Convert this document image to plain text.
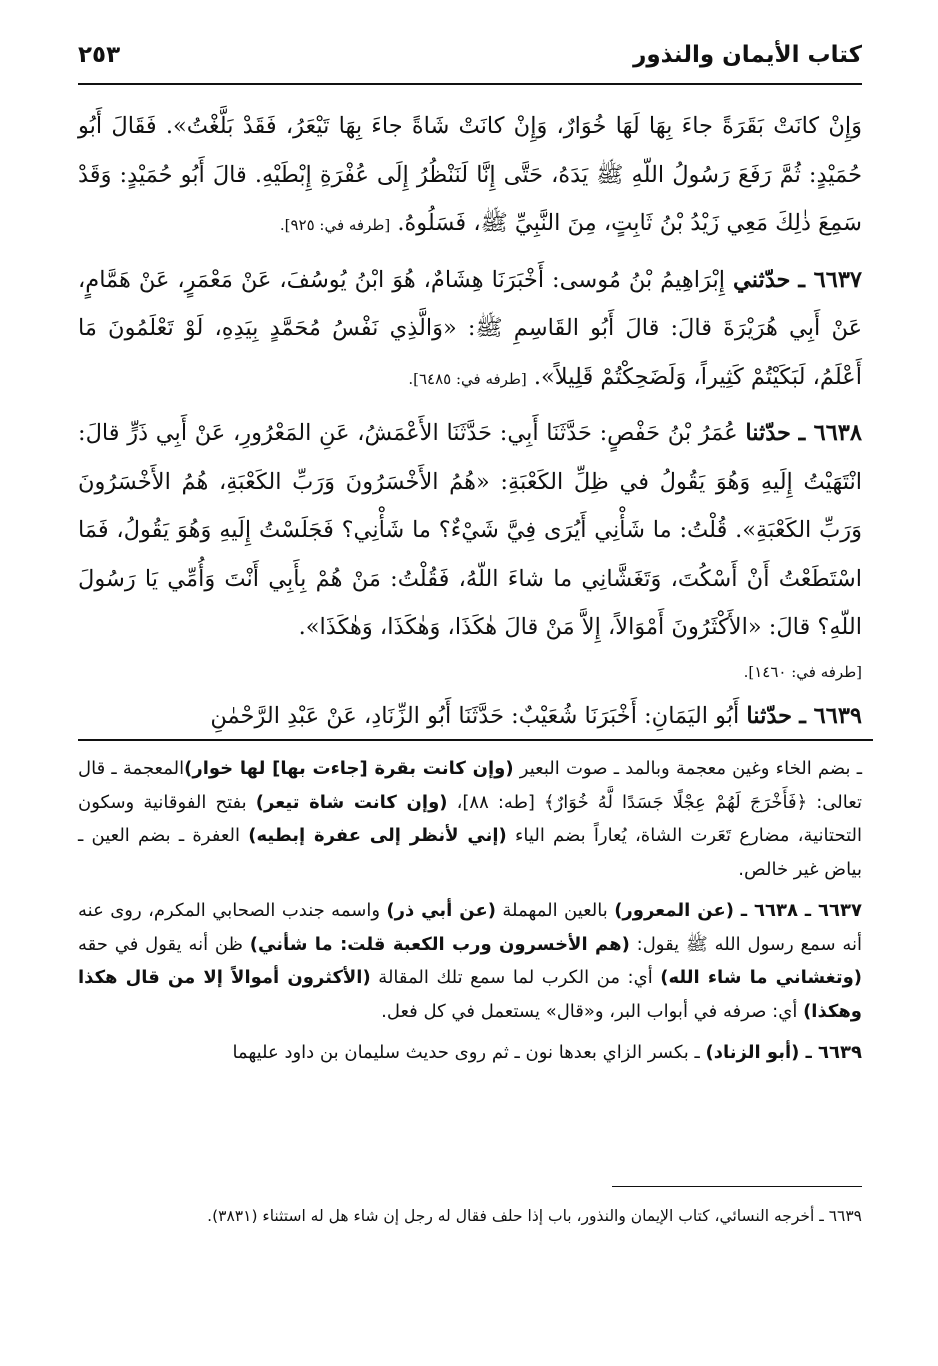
كتاب الأيمان والنذور
٢٥٣

وَإِنْ كانَتْ بَقَرَةً جاءَ بِهَا لَهَا خُوَارٌ، وَإِنْ كانَتْ شَاةً جاءَ بِهَا تَيْعَرُ، فَقَدْ بَلَّغْتُ». فَقَالَ أَبُو حُمَيْدٍ: ثُمَّ رَفَعَ رَسُولُ اللّهِ ﷺ يَدَهُ، حَتَّى إِنَّا لَنَنْظُرُ إِلَى عُفْرَةِ إِبْطَيْهِ. قالَ أَبُو حُمَيْدٍ: وَقَدْ سَمِعَ ذٰلِكَ مَعِي زَيْدُ بْنُ ثَابِتٍ، مِنَ النَّبِيِّ ﷺ، فَسَلُوهُ. [طرفه في: ٩٢٥].

٦٦٣٧ ـ حدّثني إِبْرَاهِيمُ بْنُ مُوسى: أَخْبَرَنَا هِشَامٌ، هُوَ ابْنُ يُوسُفَ، عَنْ مَعْمَرٍ، عَنْ هَمَّامٍ، عَنْ أَبِي هُرَيْرَةَ قالَ: قالَ أَبُو القَاسِمِ ﷺ: «وَالَّذِي نَفْسُ مُحَمَّدٍ بِيَدِهِ، لَوْ تَعْلَمُونَ مَا أَعْلَمُ، لَبَكَيْتُمْ كَثِيراً، وَلَضَحِكْتُمْ قَلِيلاً». [طرفه في: ٦٤٨٥].

٦٦٣٨ ـ حدّثنا عُمَرُ بْنُ حَفْصٍ: حَدَّثَنَا أَبِي: حَدَّثَنَا الأَعْمَشُ، عَنِ المَعْرُورِ، عَنْ أَبِي ذَرٍّ قالَ: انْتَهَيْتُ إِلَيهِ وَهُوَ يَقُولُ في ظِلِّ الكَعْبَةِ: «هُمُ الأَخْسَرُونَ وَرَبِّ الكَعْبَةِ، هُمُ الأَخْسَرُونَ وَرَبِّ الكَعْبَةِ». قُلْتُ: ما شَأْنِي أَيُرَى فِيَّ شَيْءٌ؟ ما شَأْنِي؟ فَجَلَسْتُ إِلَيهِ وَهُوَ يَقُولُ، فَمَا اسْتَطَعْتُ أَنْ أَسْكُتَ، وَتَغَشَّانِي ما شاءَ اللّهُ، فَقُلْتُ: مَنْ هُمْ بِأَبِي أَنْتَ وَأُمِّي يَا رَسُولَ اللّهِ؟ قالَ: «الأَكْثَرُونَ أَمْوَالاً، إِلاَّ مَنْ قالَ هٰكَذَا، وَهٰكَذَا، وَهٰكَذَا».

[طرفه في: ١٤٦٠].

٦٦٣٩ ـ حدّثنا أَبُو اليَمَانِ: أَخْبَرَنَا شُعَيْبٌ: حَدَّثَنَا أَبُو الزِّنَادِ، عَنْ عَبْدِ الرَّحْمٰنِ

ـ بضم الخاء وغين معجمة وبالمد ـ صوت البعير (وإن كانت بقرة [جاءت بها] لها خوار)المعجمة ـ قال تعالى: ﴿فَأَخْرَجَ لَهُمْ عِجْلًا جَسَدًا لَّهُ خُوَارٌ﴾ [طه: ٨٨]، (وإن كانت شاة تيعر) بفتح الفوقانية وسكون التحتانية، مضارع تَعَرت الشاة، يُعاراً بضم الياء (إني لأنظر إلى عفرة إبطيه) العفرة ـ بضم العين ـ بياض غير خالص.

٦٦٣٧ ـ ٦٦٣٨ ـ (عن المعرور) بالعين المهملة (عن أبي ذر) واسمه جندب الصحابي المكرم، روى عنه أنه سمع رسول الله ﷺ يقول: (هم الأخسرون ورب الكعبة قلت: ما شأني) ظن أنه يقول في حقه (وتغشاني ما شاء الله) أي: من الكرب لما سمع تلك المقالة (الأكثرون أموالاً إلا من قال هكذا وهكذا) أي: صرفه في أبواب البر، و«قال» يستعمل في كل فعل.

٦٦٣٩ ـ (أبو الزناد) ـ بكسر الزاي بعدها نون ـ ثم روى حديث سليمان بن داود عليهما

٦٦٣٩ ـ أخرجه النسائي، كتاب الإيمان والنذور، باب إذا حلف فقال له رجل إن شاء هل له استثناء (٣٨٣١).
